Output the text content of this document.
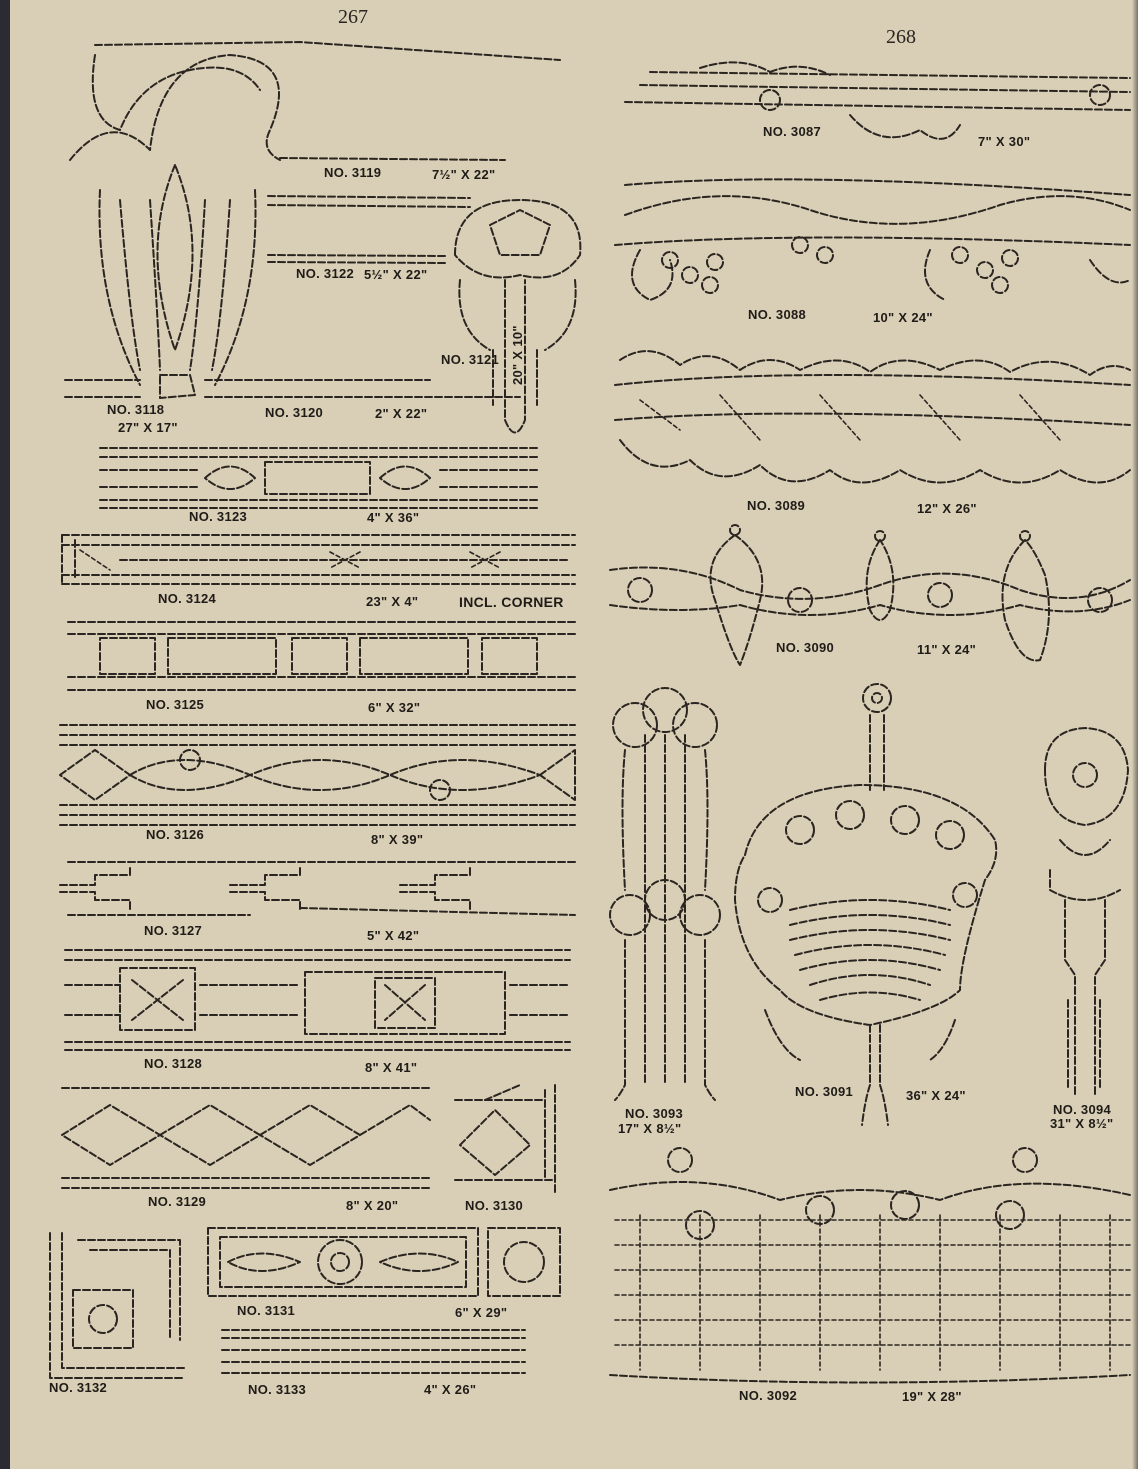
267
268
NO. 3119	7½" X 22"
NO. 3122 5½" X 22"
NO. 3121 20" X 10"
NO. 3118
27" X 17"
NO. 3120	2" X 22"
NO. 3123	4" X 36"
NO. 3124	23" X 4"	INCL. CORNER
NO. 3125	6" X 32"
NO. 3126	8" X 39"
NO. 3127	5" X 42"
NO. 3128	8" X 41"
NO. 3129	8" X 20"	NO. 3130
NO. 3131	6" X 29"
NO. 3132	NO. 3133	4" X 26"
NO. 3087
7" X 30"
NO. 3088	10" X 24"
NO. 3089	12" X 26"
NO. 3090	11" X 24"
NO. 3091	36" X 24"
NO. 3093
17" X 8½"
NO. 3094
31" X 8½"
NO. 3092	19" X 28"
